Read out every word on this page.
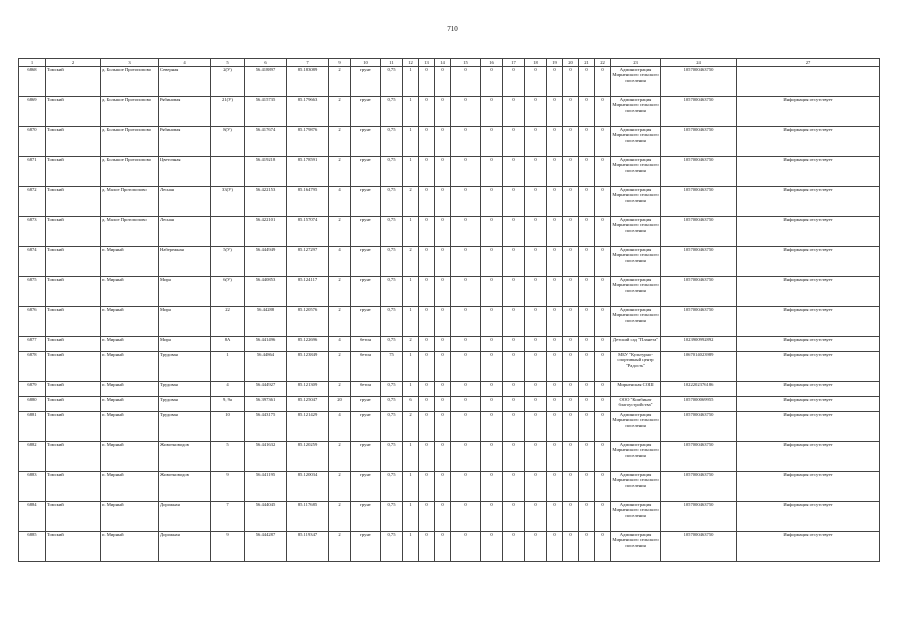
710
1	2	3	4	5	6	7	9	10	11	12	13	14	15	16	17	18	19	20	21	22	23	24	27
6868	Томский	д. Большое Протопопово	Северная	2(У)	56.418897	85.183089	2	грунт	0,75	1	0	0	0	0	0	0	0	0	0	0	Администрация Мирненского сельского поселения	1057000463750	
6869	Томский	д. Большое Протопопово	Рябиновая	21(У)	56.415735	85.179663	2	грунт	0,75	1	0	0	0	0	0	0	0	0	0	0	Администрация Мирненского сельского поселения	1057000463750	Информация отсутствует
6870	Томский	д. Большое Протопопово	Рябиновая	8(У)	56.417674	85.179876	2	грунт	0,75	1	0	0	0	0	0	0	0	0	0	0	Администрация Мирненского сельского поселения	1057000463750	Информация отсутствует
6871	Томский	д. Большое Протопопово	Цветочная		56.419218	85.178591	2	грунт	0,75	1	0	0	0	0	0	0	0	0	0	0	Администрация Мирненского сельского поселения	1057000463750	Информация отсутствует
6872	Томский	д. Малое Протопопово	Лесная	33(У)	56.422153	85.164795	4	грунт	0,75	2	0	0	0	0	0	0	0	0	0	0	Администрация Мирненского сельского поселения	1057000463750	Информация отсутствует
6873	Томский	д. Малое Протопопово	Лесная		56.422101	85.157074	2	грунт	0,75	1	0	0	0	0	0	0	0	0	0	0	Администрация Мирненского сельского поселения	1057000463750	Информация отсутствует
6874	Томский	п. Мирный	Набережная	5(У)	56.444949	85.127297	4	грунт	0,75	2	0	0	0	0	0	0	0	0	0	0	Администрация Мирненского сельского поселения	1057000463750	Информация отсутствует
6875	Томский	п. Мирный	Мира	6(У)	56.440853	85.124117	2	грунт	0,75	1	0	0	0	0	0	0	0	0	0	0	Администрация Мирненского сельского поселения	1057000463750	Информация отсутствует
6876	Томский	п. Мирный	Мира	22	56.44288	85.120576	2	грунт	0,75	1	0	0	0	0	0	0	0	0	0	0	Администрация Мирненского сельского поселения	1057000463750	Информация отсутствует
6877	Томский	п. Мирный	Мира	8А	56.441496	85.122696	4	бетон	0,75	2	0	0	0	0	0	0	0	0	0	0	Детский сад "Планета"	1023900992892	Информация отсутствует
6878	Томский	п. Мирный	Трудовая	1	56.44864	85.123849	2	бетон	75	1	0	0	0	0	0	0	0	0	0	0	МБУ "Культурно-спортивный центр "Радость"	1067014023989	Информация отсутствует
6879	Томский	п. Мирный	Трудовая	4	56.444927	85.121309	2	бетон	0,75	1	0	0	0	0	0	0	0	0	0	0	Мирненская СОШ	1022202376186	Информация отсутствует
6880	Томский	п. Мирный	Трудовая	9, 9а	56.397361	85.125047	20	грунт	0,75	6	0	0	0	0	0	0	0	0	0	0	ООО "Комбинат благоустройства"	1057000069955	Информация отсутствует
6881	Томский	п. Мирный	Трудовая	10	56.443175	85.121429	4	грунт	0,75	2	0	0	0	0	0	0	0	0	0	0	Администрация Мирненского сельского поселения	1057000463750	Информация отсутствует
6882	Томский	п. Мирный	Животноводов	5	56.441632	85.120259	2	грунт	0,75	1	0	0	0	0	0	0	0	0	0	0	Администрация Мирненского сельского поселения	1057000463750	Информация отсутствует
6883	Томский	п. Мирный	Животноводов	9	56.441195	85.120034	2	грунт	0,75	1	0	0	0	0	0	0	0	0	0	0	Администрация Мирненского сельского поселения	1057000463750	Информация отсутствует
6884	Томский	п. Мирный	Дорожная	7	56.444045	85.117685	2	грунт	0,75	1	0	0	0	0	0	0	0	0	0	0	Администрация Мирненского сельского поселения	1057000463750	Информация отсутствует
6885	Томский	п. Мирный	Дорожная	9	56.444287	85.119347	2	грунт	0,75	1	0	0	0	0	0	0	0	0	0	0	Администрация Мирненского сельского поселения	1057000463750	Информация отсутствует
